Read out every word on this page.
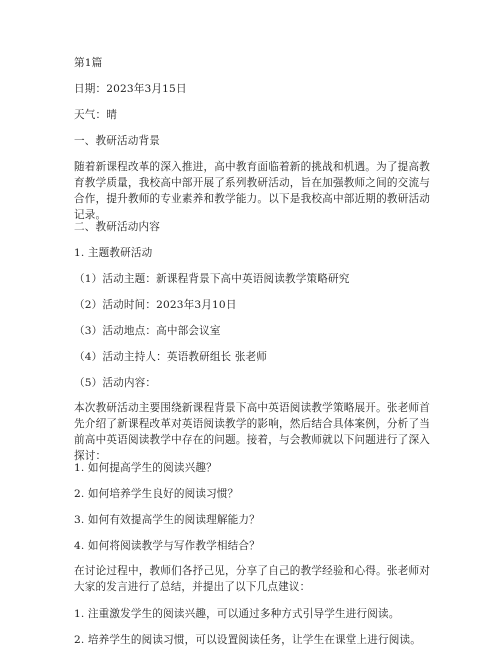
第1篇
日期：2023年3月15日
天气：晴
一、教研活动背景
随着新课程改革的深入推进，高中教育面临着新的挑战和机遇。为了提高教育教学质量，我校高中部开展了系列教研活动，旨在加强教师之间的交流与合作，提升教师的专业素养和教学能力。以下是我校高中部近期的教研活动记录。
二、教研活动内容
1. 主题教研活动
（1）活动主题：新课程背景下高中英语阅读教学策略研究
（2）活动时间：2023年3月10日
（3）活动地点：高中部会议室
（4）活动主持人：英语教研组长 张老师
（5）活动内容：
本次教研活动主要围绕新课程背景下高中英语阅读教学策略展开。张老师首先介绍了新课程改革对英语阅读教学的影响，然后结合具体案例，分析了当前高中英语阅读教学中存在的问题。接着，与会教师就以下问题进行了深入探讨：
1. 如何提高学生的阅读兴趣？
2. 如何培养学生良好的阅读习惯？
3. 如何有效提高学生的阅读理解能力？
4. 如何将阅读教学与写作教学相结合？
在讨论过程中，教师们各抒己见，分享了自己的教学经验和心得。张老师对大家的发言进行了总结，并提出了以下几点建议：
1. 注重激发学生的阅读兴趣，可以通过多种方式引导学生进行阅读。
2. 培养学生的阅读习惯，可以设置阅读任务，让学生在课堂上进行阅读。
